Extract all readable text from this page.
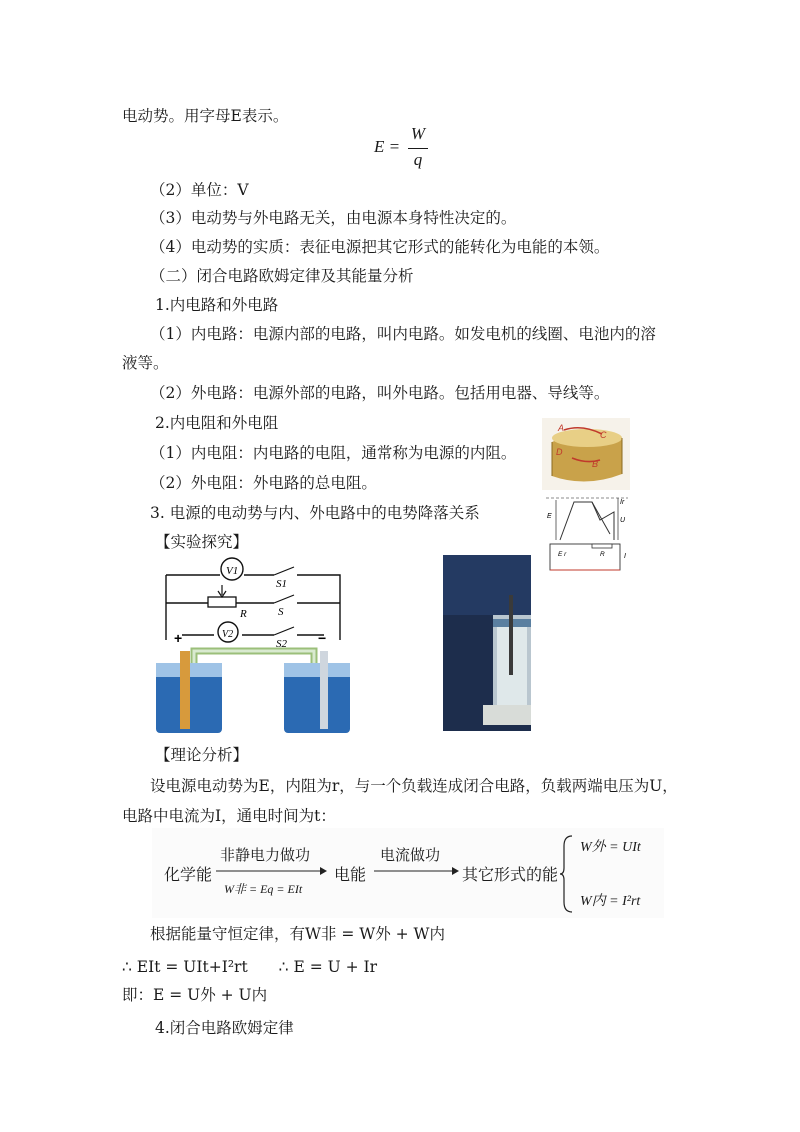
电动势。用字母E表示。
E =
W
q
（2）单位：V
（3）电动势与外电路无关，由电源本身特性决定的。
（4）电动势的实质：表征电源把其它形式的能转化为电能的本领。
（二）闭合电路欧姆定律及其能量分析
1.内电路和外电路
（1）内电路：电源内部的电路，叫内电路。如发电机的线圈、电池内的溶
液等。
（2）外电路：电源外部的电路，叫外电路。包括用电器、导线等。
2.内电阻和外电阻
（1）内电阻：内电路的电阻，通常称为电源的内阻。
（2）外电阻：外电路的总电阻。
3. 电源的电动势与内、外电路中的电势降落关系
【实验探究】
A
C
D
B
E
Ir
U
E r	R	I
V1
S1
R	S
V2
S2
+	−
【理论分析】
设电源电动势为E，内阻为r，与一个负载连成闭合电路，负载两端电压为U，
电路中电流为I，通电时间为t：
化学能
非静电力做功
W非 = Eq = EIt
电能
电流做功
其它形式的能
W外 = UIt
W内 = I²rt
根据能量守恒定律，有W非 = W外 + W内
∴ EIt = UIt+I²rt　　∴ E = U + Ir
即：E = U外 + U内
4.闭合电路欧姆定律
